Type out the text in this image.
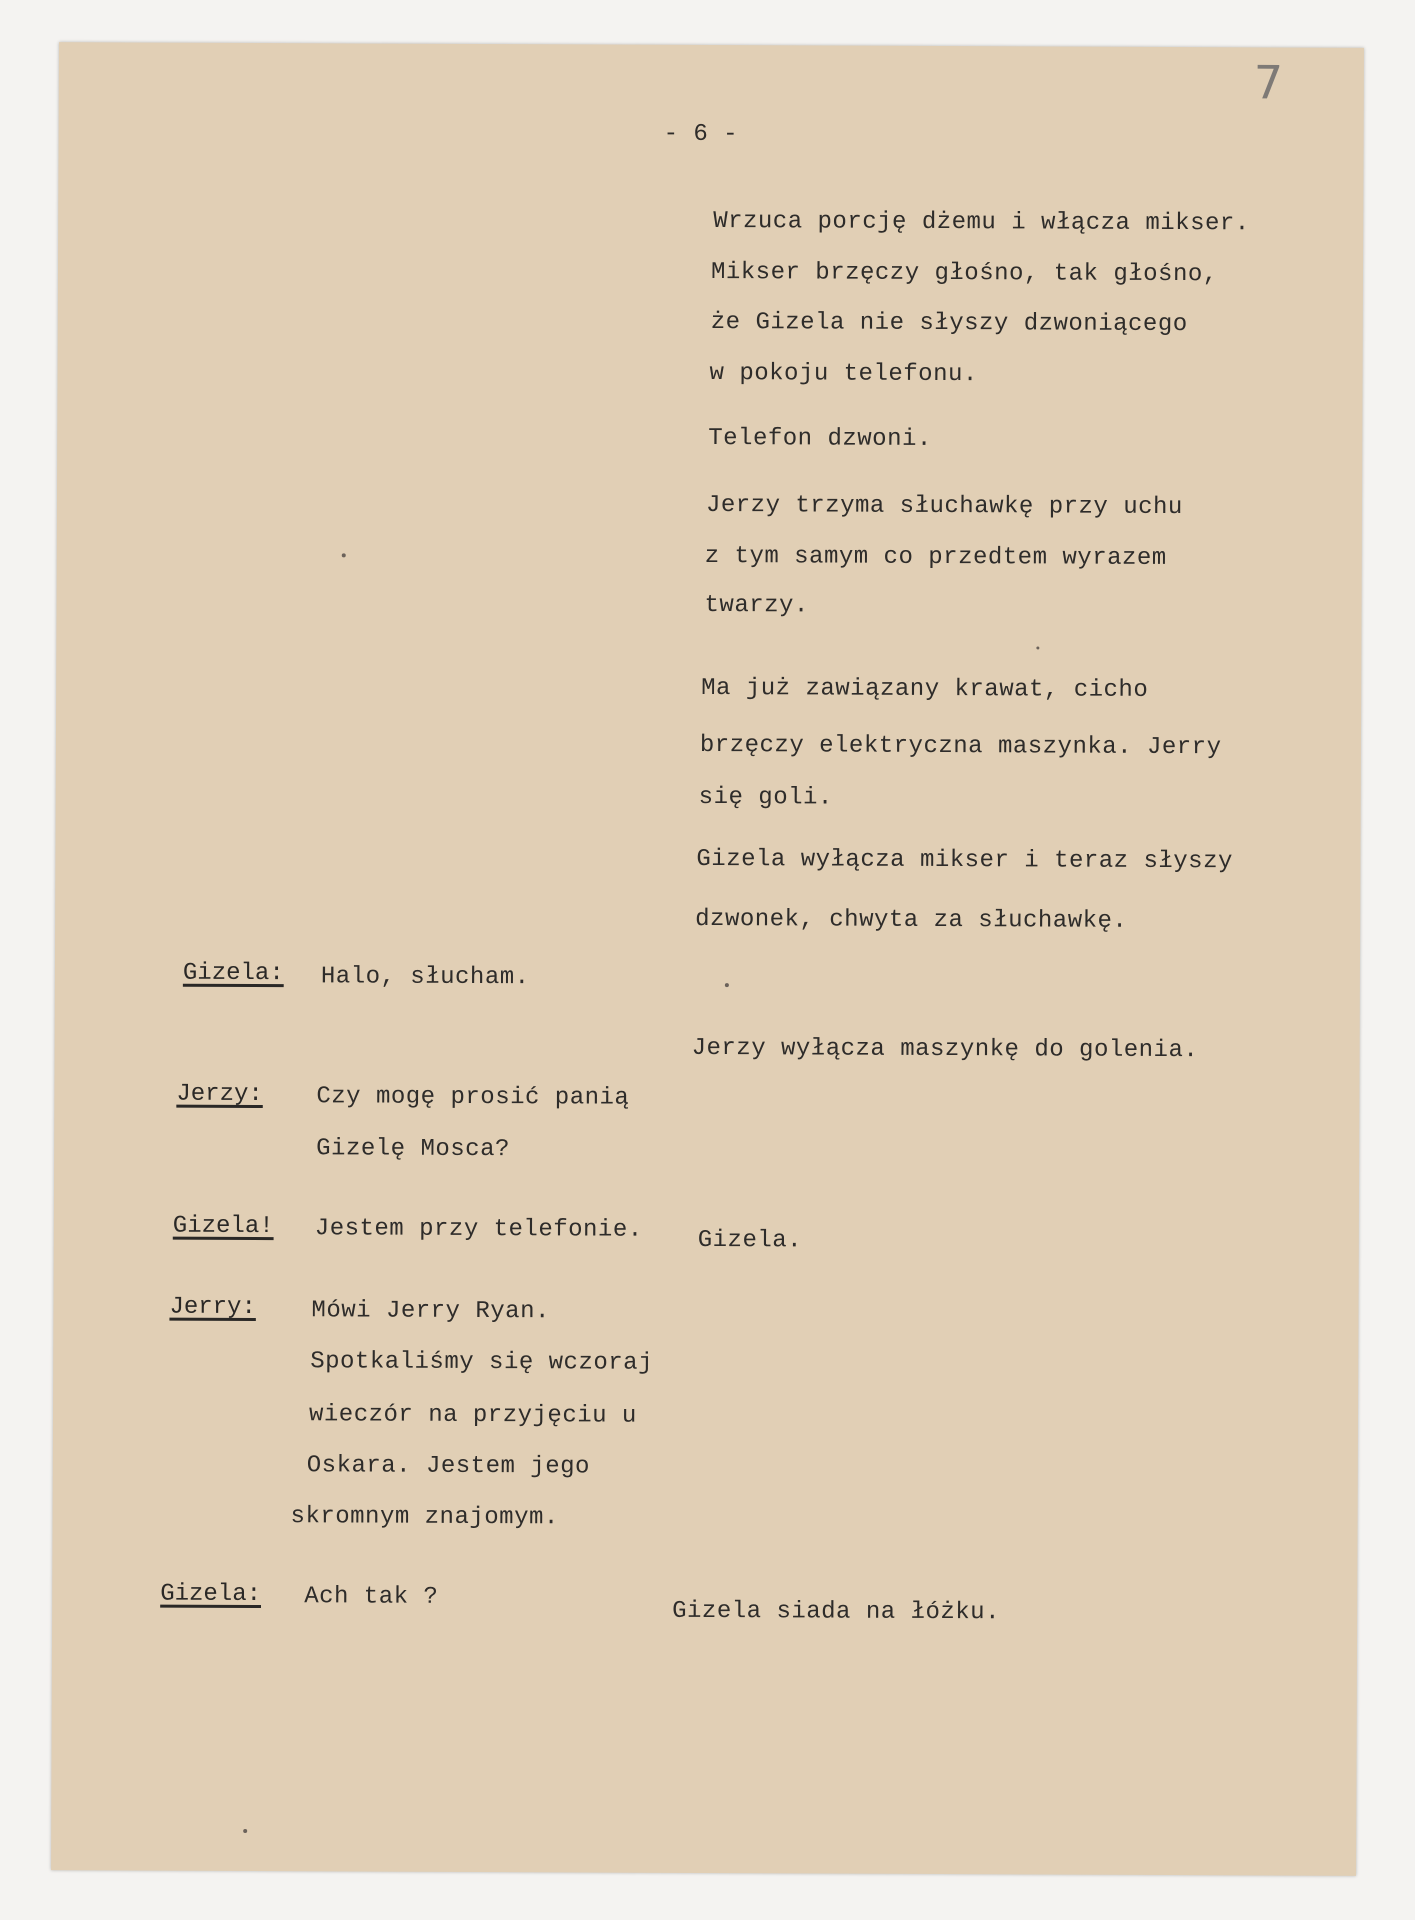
- 6 -
7
Wrzuca porcję dżemu i włącza mikser.
Mikser brzęczy głośno, tak głośno,
że Gizela nie słyszy dzwoniącego
w pokoju telefonu.
Telefon dzwoni.
Jerzy trzyma słuchawkę przy uchu
z tym samym co przedtem wyrazem
twarzy.
Ma już zawiązany krawat, cicho
brzęczy elektryczna maszynka. Jerry
się goli.
Gizela wyłącza mikser i teraz słyszy
dzwonek, chwyta za słuchawkę.
Jerzy wyłącza maszynkę do golenia.
Gizela.
Gizela siada na łóżku.
Gizela:
Jerzy:
Gizela!
Jerry:
Gizela:
Halo, słucham.
Czy mogę prosić panią
Gizelę Mosca?
Jestem przy telefonie.
Mówi Jerry Ryan.
Spotkaliśmy się wczoraj
wieczór na przyjęciu u
Oskara. Jestem jego
skromnym znajomym.
Ach tak ?
